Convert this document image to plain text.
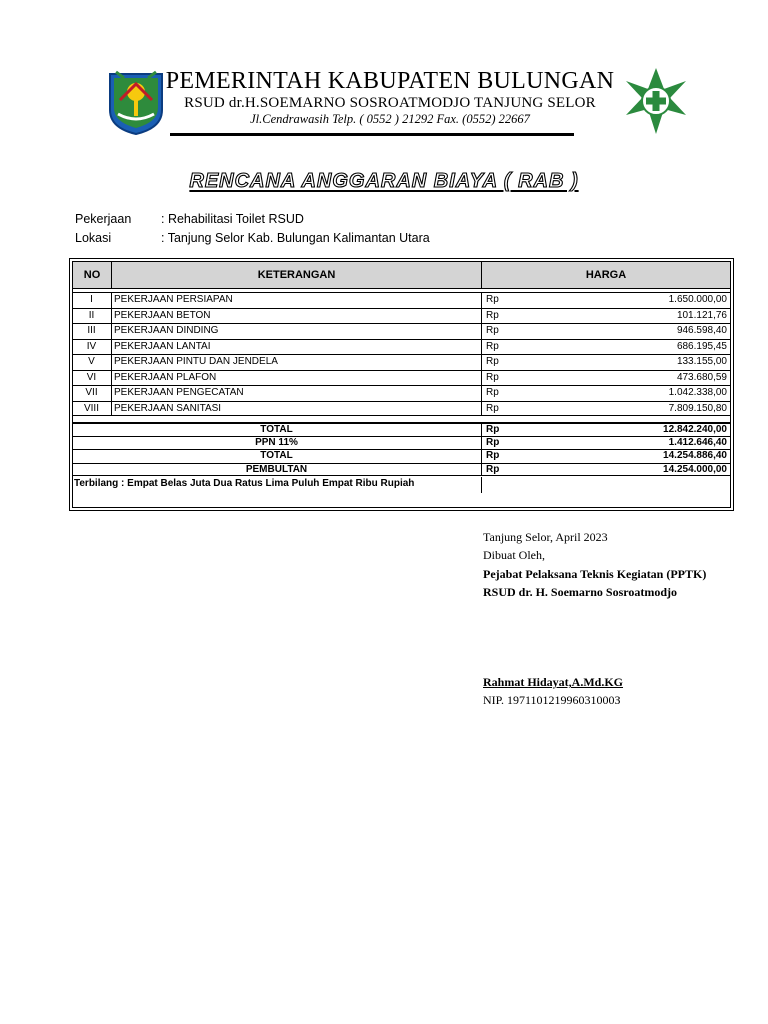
PEMERINTAH KABUPATEN BULUNGAN
RSUD dr.H.SOEMARNO SOSROATMODJO TANJUNG SELOR
Jl.Cendrawasih Telp. ( 0552 ) 21292 Fax. (0552) 22667
RENCANA ANGGARAN BIAYA ( RAB )
Pekerjaan : Rehabilitasi Toilet RSUD
Lokasi	: Tanjung Selor Kab. Bulungan Kalimantan Utara
NO	KETERANGAN	HARGA
I	PEKERJAAN PERSIAPAN	Rp	1.650.000,00
II	PEKERJAAN BETON	Rp	101.121,76
III	PEKERJAAN DINDING	Rp	946.598,40
IV	PEKERJAAN LANTAI	Rp	686.195,45
V	PEKERJAAN PINTU DAN JENDELA	Rp	133.155,00
VI	PEKERJAAN PLAFON	Rp	473.680,59
VII	PEKERJAAN PENGECATAN	Rp	1.042.338,00
VIII	PEKERJAAN SANITASI	Rp	7.809.150,80
TOTAL	Rp	12.842.240,00
PPN 11%	Rp	1.412.646,40
TOTAL	Rp	14.254.886,40
PEMBULTAN	Rp	14.254.000,00
Terbilang : Empat Belas Juta Dua Ratus Lima Puluh Empat Ribu Rupiah
Tanjung Selor, April 2023
Dibuat Oleh,
Pejabat Pelaksana Teknis Kegiatan (PPTK)
RSUD dr. H. Soemarno Sosroatmodjo
Rahmat Hidayat,A.Md.KG
NIP. 197110121996031000З
